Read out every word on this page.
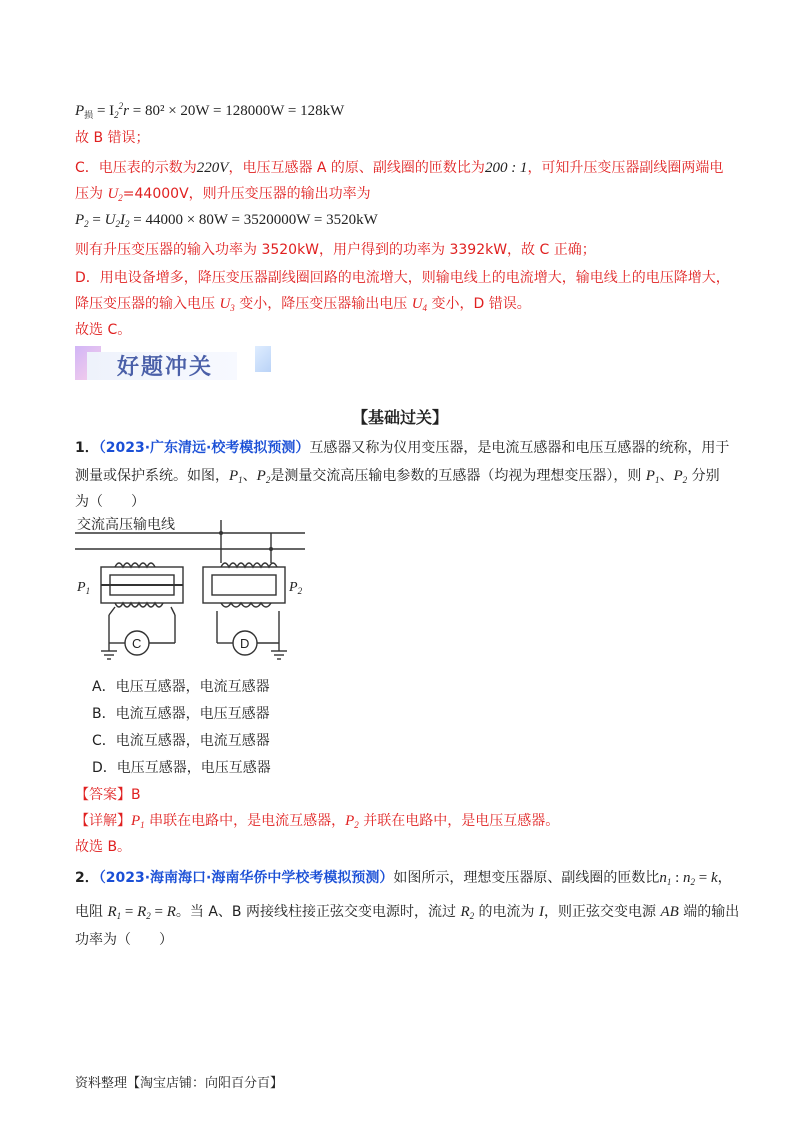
$P_损 = I_2^2r = 80^2 \times 20W = 128000W = 128kW$
故 B 错误；
C．电压表的示数为220V，电压互感器 A 的原、副线圈的匝数比为200 : 1，可知升压变压器副线圈两端电
压为 $U_2=44000V$，则升压变压器的输出功率为
$P_2 = U_2I_2 = 44000 \times 80W = 3520000W = 3520kW$
则有升压变压器的输入功率为 3520kW，用户得到的功率为 3392kW，故 C 正确；
D．用电设备增多，降压变压器副线圈回路的电流增大，则输电线上的电流增大，输电线上的电压降增大，
降压变压器的输入电压 $U_3$ 变小，降压变压器输出电压 $U_4$ 变小，D 错误。
故选 C。
好题冲关
【基础过关】
1．（2023·广东清远·校考模拟预测）互感器又称为仪用变压器，是电流互感器和电压互感器的统称，用于
测量或保护系统。如图，$P_1$、$P_2$是测量交流高压输电参数的互感器（均视为理想变压器），则 $P_1$、$P_2$ 分别
为（　　）
交流高压输电线
$P_1$	$P_2$
C	D
A．电压互感器，电流互感器
B．电流互感器，电压互感器
C．电流互感器，电流互感器
D．电压互感器，电压互感器
【答案】B
【详解】$P_1$ 串联在电路中，是电流互感器，$P_2$ 并联在电路中，是电压互感器。
故选 B。
2．（2023·海南海口·海南华侨中学校考模拟预测）如图所示，理想变压器原、副线圈的匝数比$n_1$ : $n_2 = k$，
电阻 $R_1 = R_2 = R$。当 A、B 两接线柱接正弦交变电源时，流过 $R_2$ 的电流为 I，则正弦交变电源 AB 端的输出
功率为（　　）
资料整理【淘宝店铺：向阳百分百】
